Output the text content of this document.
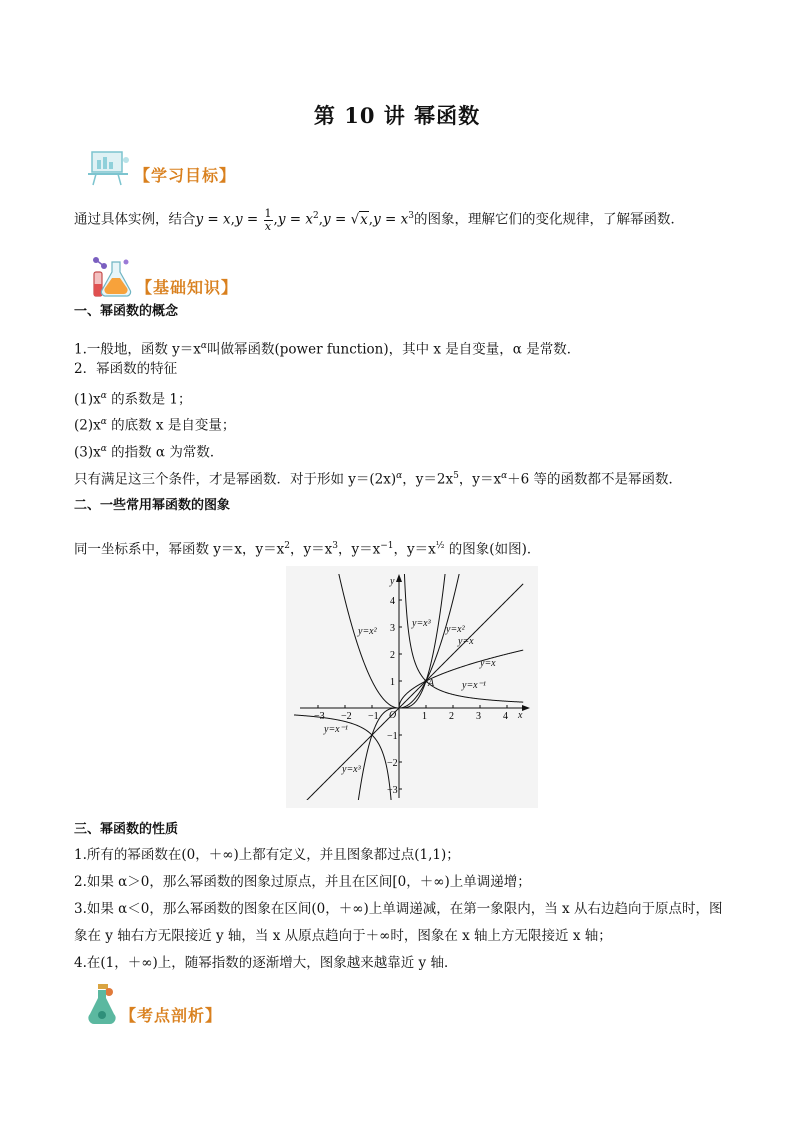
第 10 讲 幂函数
【学习目标】
通过具体实例，结合$y = x,y = \frac{1}{x} ,y = x^2,y = √x,y = x^3$的图象，理解它们的变化规律，了解幂函数．
【基础知识】
一、幂函数的概念
1.一般地，函数 $y=x^\alpha$叫做幂函数(power function)，其中 x 是自变量，α 是常数．
2．幂函数的特征
$(1)x^\alpha$ 的系数是 1；
$(2)x^\alpha$ 的底数 x 是自变量；
$(3)x^\alpha$ 的指数 α 为常数．
只有满足这三个条件，才是幂函数．对于形如 $y=(2x)^\alpha$，$y=2x^5$，$y=x^\alpha+6$ 等的函数都不是幂函数．
二、一些常用幂函数的图象
同一坐标系中，幂函数 y＝x，$y=x^2$，$y=x^3$，$y=x^{-1}$，$y=x^{\frac{1}{2}}$ 的图象(如图)．
−3 −2 −1	1 2 3 4
4
3
2
1
−1
−2
−3
x
y
O
A
y=x²
y=x³
y=x²
y=x
y=x
y=x⁻¹
y=x⁻¹
y=x³
三、幂函数的性质
1.所有的幂函数在(0，＋∞)上都有定义，并且图象都过点(1,1)；
2.如果 α＞0，那么幂函数的图象过原点，并且在区间[0，＋∞)上单调递增；
3.如果 α＜0，那么幂函数的图象在区间(0，＋∞)上单调递减，在第一象限内，当 x 从右边趋向于原点时，图
象在 y 轴右方无限接近 y 轴，当 x 从原点趋向于＋∞时，图象在 x 轴上方无限接近 x 轴；
4.在(1，＋∞)上，随幂指数的逐渐增大，图象越来越靠近 y 轴．
【考点剖析】
